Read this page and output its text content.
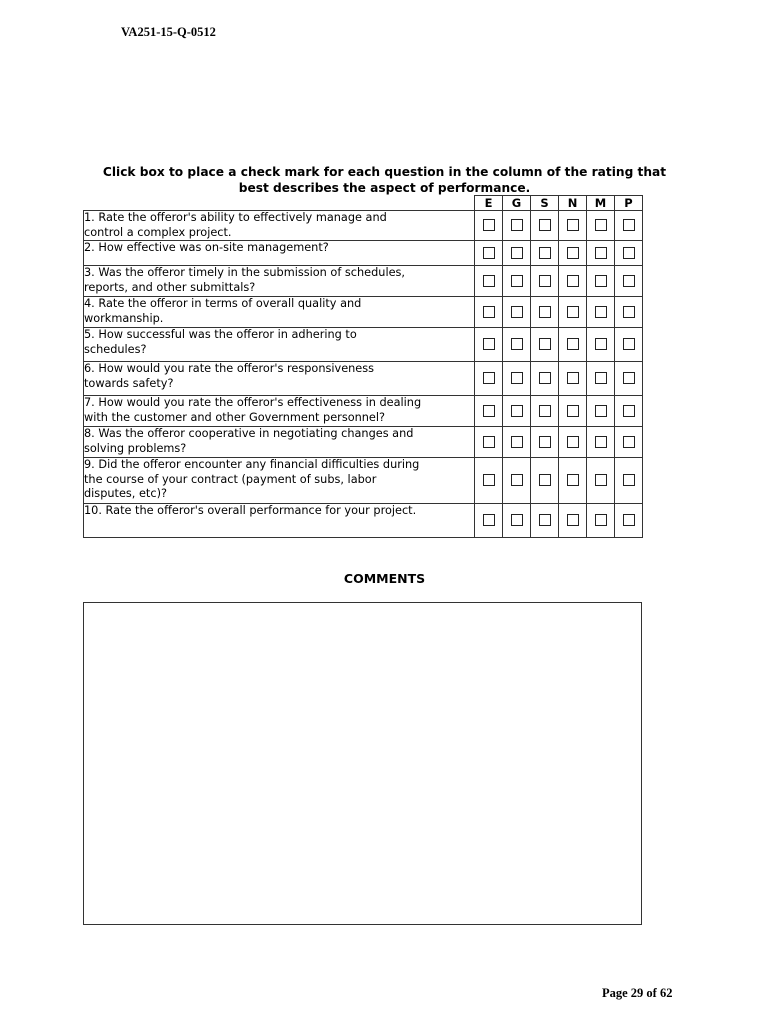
VA251-15-Q-0512
Click box to place a check mark for each question in the column of the rating that
best describes the aspect of performance.
	E	G	S	N	M	P

1. Rate the offeror's ability to effectively manage and
control a complex project.						

2. How effective was on-site management?						

3. Was the offeror timely in the submission of schedules,
reports, and other submittals?						

4. Rate the offeror in terms of overall quality and
workmanship.						

5. How successful was the offeror in adhering to
schedules?						

6. How would you rate the offeror's responsiveness
towards safety?						

7. How would you rate the offeror's effectiveness in dealing
with the customer and other Government personnel?						

8. Was the offeror cooperative in negotiating changes and
solving problems?						

9. Did the offeror encounter any financial difficulties during
the course of your contract (payment of subs, labor
disputes, etc)?						

10. Rate the offeror's overall performance for your project.						

COMMENTS
Page 29 of 62
